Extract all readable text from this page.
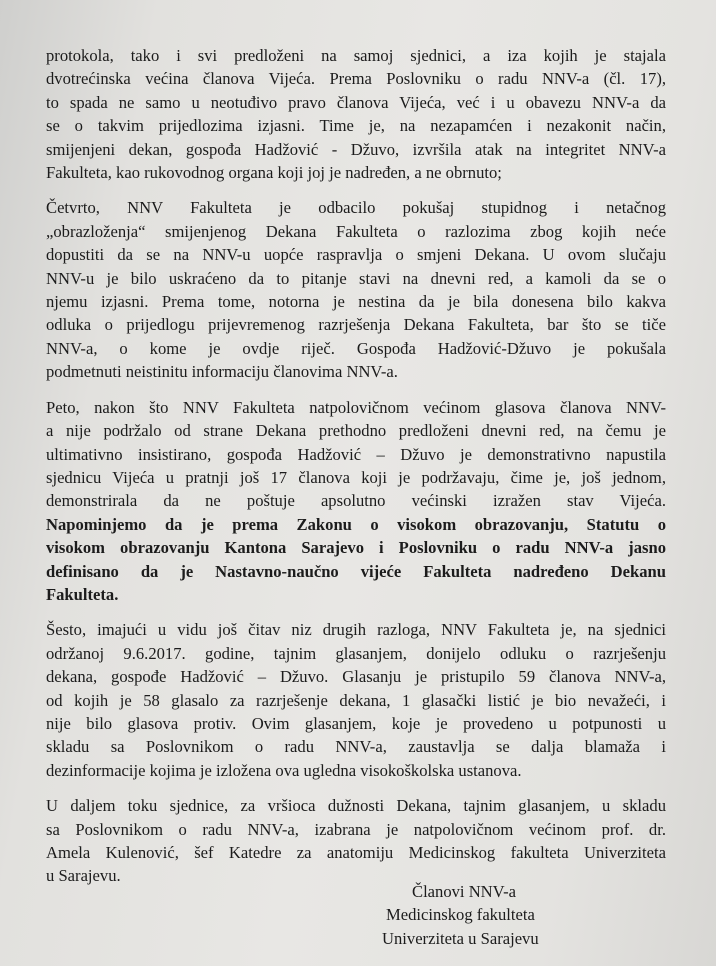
protokola, tako i svi predloženi na samoj sjednici, a iza kojih je stajala
dvotrećinska većina članova Vijeća. Prema Poslovniku o radu NNV-a (čl. 17),
to spada ne samo u neotuđivo pravo članova Vijeća, već i u obavezu NNV-a da
se o takvim prijedlozima izjasni. Time je, na nezapamćen i nezakonit način,
smijenjeni dekan, gospođa Hadžović - Džuvo, izvršila atak na integritet NNV-a
Fakulteta, kao rukovodnog organa koji joj je nadređen, a ne obrnuto;

Četvrto, NNV Fakulteta je odbacilo pokušaj stupidnog i netačnog
„obrazloženja“ smijenjenog Dekana Fakulteta o razlozima zbog kojih neće
dopustiti da se na NNV-u uopće raspravlja o smjeni Dekana. U ovom slučaju
NNV-u je bilo uskraćeno da to pitanje stavi na dnevni red, a kamoli da se o
njemu izjasni. Prema tome, notorna je nestina da je bila donesena bilo kakva
odluka o prijedlogu prijevremenog razrješenja Dekana Fakulteta, bar što se tiče
NNV-a, o kome je ovdje riječ. Gospođa Hadžović-Džuvo je pokušala
podmetnuti neistinitu informaciju članovima NNV-a.

Peto, nakon što NNV Fakulteta natpolovičnom većinom glasova članova NNV-
a nije podržalo od strane Dekana prethodno predloženi dnevni red, na čemu je
ultimativno insistirano, gospođa Hadžović – Džuvo je demonstrativno napustila
sjednicu Vijeća u pratnji još 17 članova koji je podržavaju, čime je, još jednom,
demonstrirala da ne poštuje apsolutno većinski izražen stav Vijeća.
Napominjemo da je prema Zakonu o visokom obrazovanju, Statutu o
visokom obrazovanju Kantona Sarajevo i Poslovniku o radu NNV-a jasno
definisano da je Nastavno-naučno vijeće Fakulteta nadređeno Dekanu
Fakulteta.

Šesto, imajući u vidu još čitav niz drugih razloga, NNV Fakulteta je, na sjednici
održanoj 9.6.2017. godine, tajnim glasanjem, donijelo odluku o razrješenju
dekana, gospođe Hadžović – Džuvo. Glasanju je pristupilo 59 članova NNV-a,
od kojih je 58 glasalo za razrješenje dekana, 1 glasački listić je bio nevažeći, i
nije bilo glasova protiv. Ovim glasanjem, koje je provedeno u potpunosti u
skladu sa Poslovnikom o radu NNV-a, zaustavlja se dalja blamaža i
dezinformacije kojima je izložena ova ugledna visokoškolska ustanova.

U daljem toku sjednice, za vršioca dužnosti Dekana, tajnim glasanjem, u skladu
sa Poslovnikom o radu NNV-a, izabrana je natpolovičnom većinom prof. dr.
Amela Kulenović, šef Katedre za anatomiju Medicinskog fakulteta Univerziteta
u Sarajevu.

Članovi NNV-a
Medicinskog fakulteta
Univerziteta u Sarajevu
